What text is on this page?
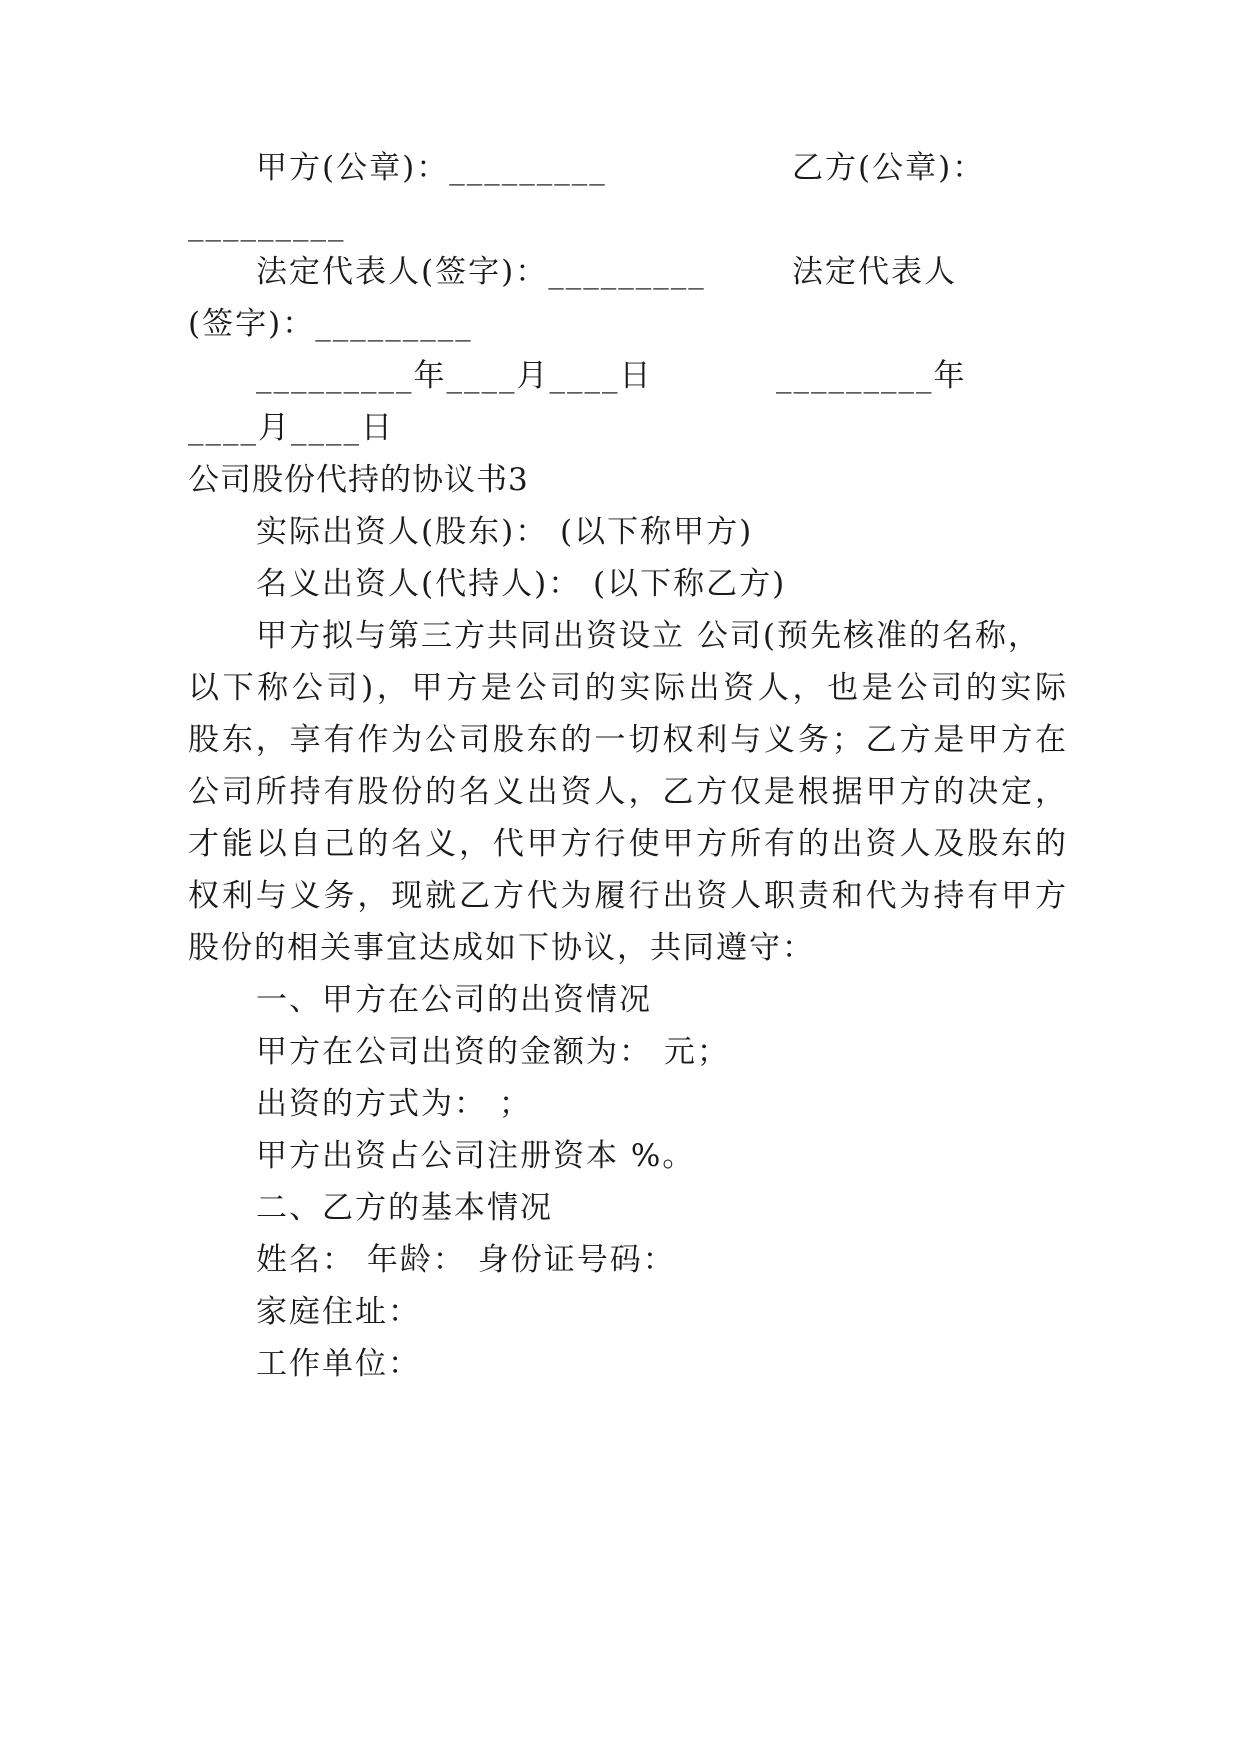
甲方(公章)：_________	乙方(公章)：
_________
法定代表人(签字)：_________	法定代表人
(签字)：_________
_________年____月____日	_________年
____月____日
公司股份代持的协议书3
实际出资人(股东)： (以下称甲方)
名义出资人(代持人)： (以下称乙方)
甲方拟与第三方共同出资设立 公司(预先核准的名称，
以下称公司)，甲方是公司的实际出资人，也是公司的实际
股东，享有作为公司股东的一切权利与义务；乙方是甲方在
公司所持有股份的名义出资人，乙方仅是根据甲方的决定，
才能以自己的名义，代甲方行使甲方所有的出资人及股东的
权利与义务，现就乙方代为履行出资人职责和代为持有甲方
股份的相关事宜达成如下协议，共同遵守：
一、甲方在公司的出资情况
甲方在公司出资的金额为： 元；
出资的方式为： ；
甲方出资占公司注册资本 %。
二、乙方的基本情况
姓名： 年龄： 身份证号码：
家庭住址：
工作单位：
